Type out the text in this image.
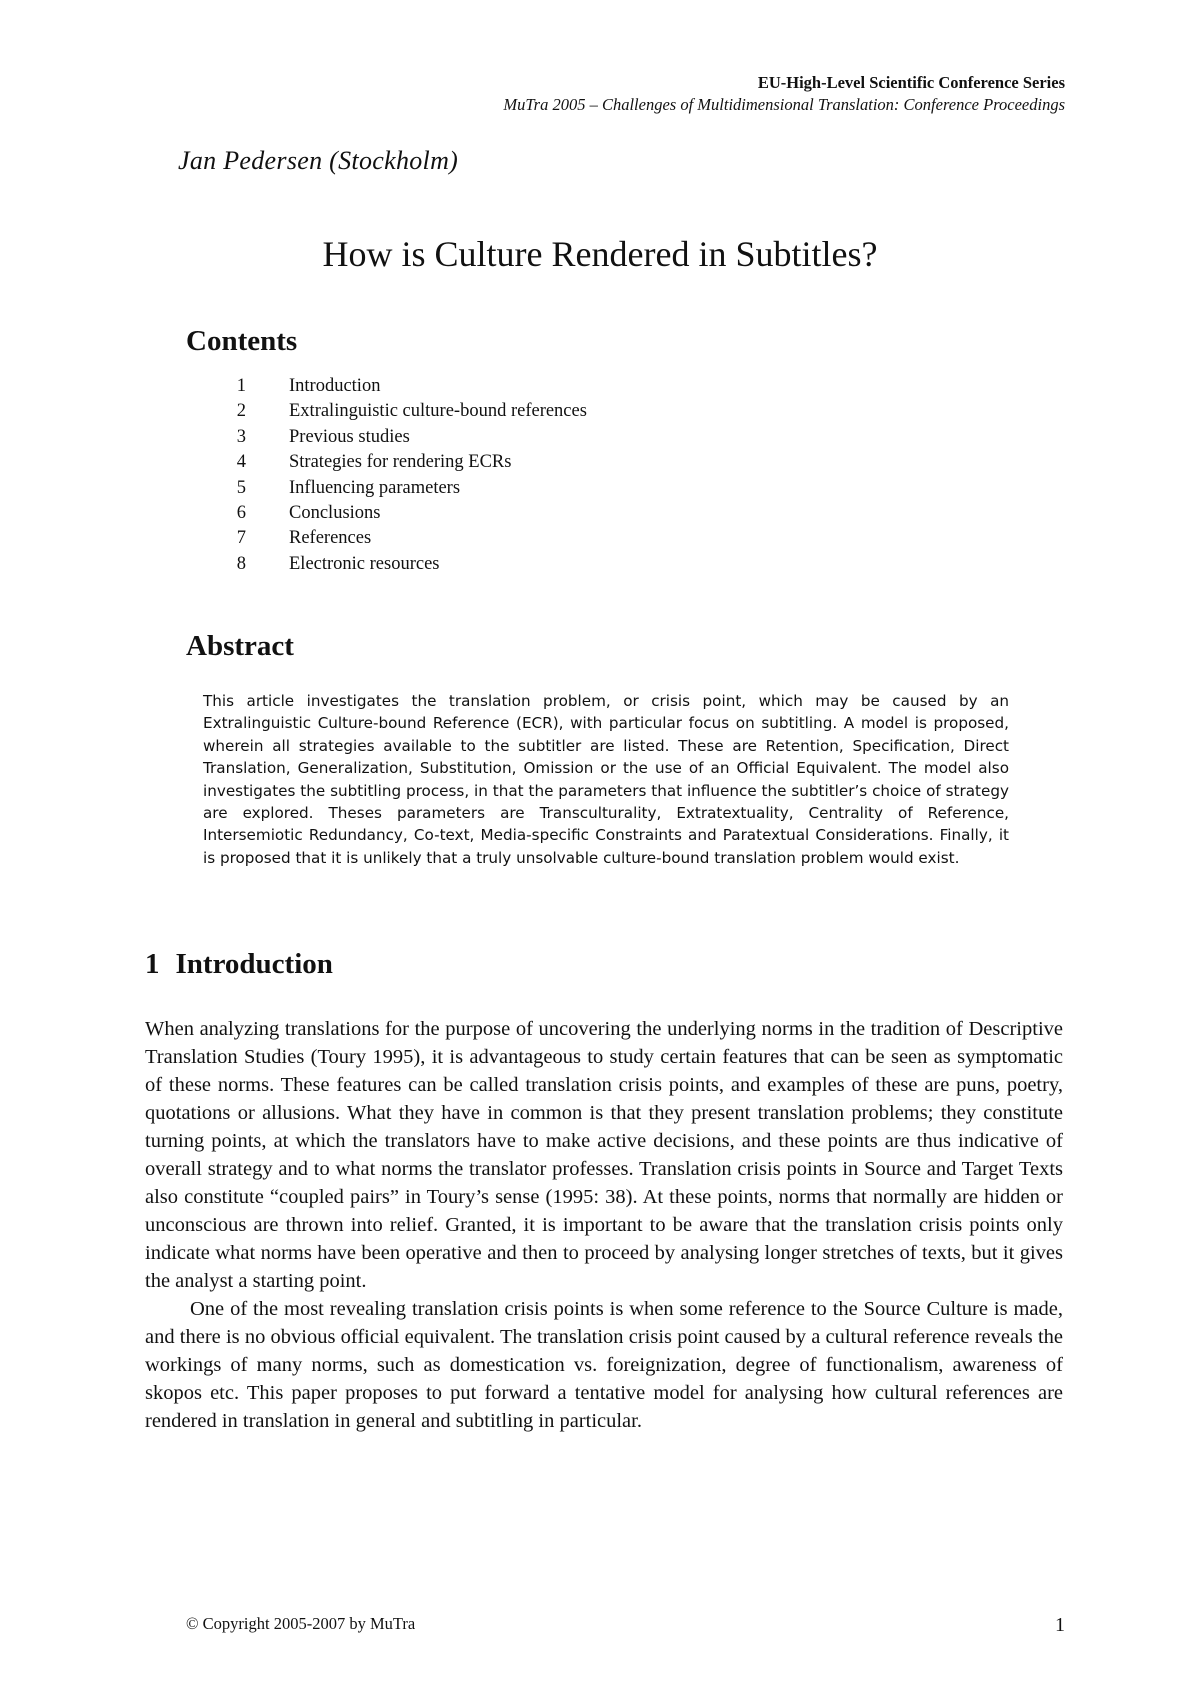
EU-High-Level Scientific Conference Series
MuTra 2005 – Challenges of Multidimensional Translation: Conference Proceedings
Jan Pedersen (Stockholm)
How is Culture Rendered in Subtitles?
Contents
1 Introduction
2 Extralinguistic culture-bound references
3 Previous studies
4 Strategies for rendering ECRs
5 Influencing parameters
6 Conclusions
7 References
8 Electronic resources
Abstract
This article investigates the translation problem, or crisis point, which may be caused by an Extralinguistic Culture-bound Reference (ECR), with particular focus on subtitling. A model is proposed, wherein all strategies available to the subtitler are listed. These are Retention, Specification, Direct Translation, Generalization, Substitution, Omission or the use of an Official Equivalent. The model also investigates the subtitling process, in that the parameters that influence the subtitler’s choice of strategy are explored. Theses parameters are Transculturality, Extratextuality, Centrality of Reference, Intersemiotic Redundancy, Co-text, Media-specific Constraints and Paratextual Considerations. Finally, it is proposed that it is unlikely that a truly unsolvable culture-bound translation problem would exist.
1 Introduction

When analyzing translations for the purpose of uncovering the underlying norms in the tradition of Descriptive Translation Studies (Toury 1995), it is advantageous to study certain features that can be seen as symptomatic of these norms. These features can be called translation crisis points, and examples of these are puns, poetry, quotations or allusions. What they have in common is that they present translation problems; they constitute turning points, at which the translators have to make active decisions, and these points are thus indicative of overall strategy and to what norms the translator professes. Translation crisis points in Source and Target Texts also constitute “coupled pairs” in Toury’s sense (1995: 38). At these points, norms that normally are hidden or unconscious are thrown into relief. Granted, it is important to be aware that the translation crisis points only indicate what norms have been operative and then to proceed by analysing longer stretches of texts, but it gives the analyst a starting point.

One of the most revealing translation crisis points is when some reference to the Source Culture is made, and there is no obvious official equivalent. The translation crisis point caused by a cultural reference reveals the workings of many norms, such as domestication vs. foreignization, degree of functionalism, awareness of skopos etc. This paper proposes to put forward a tentative model for analysing how cultural references are rendered in translation in general and subtitling in particular.

© Copyright 2005-2007 by MuTra	1
